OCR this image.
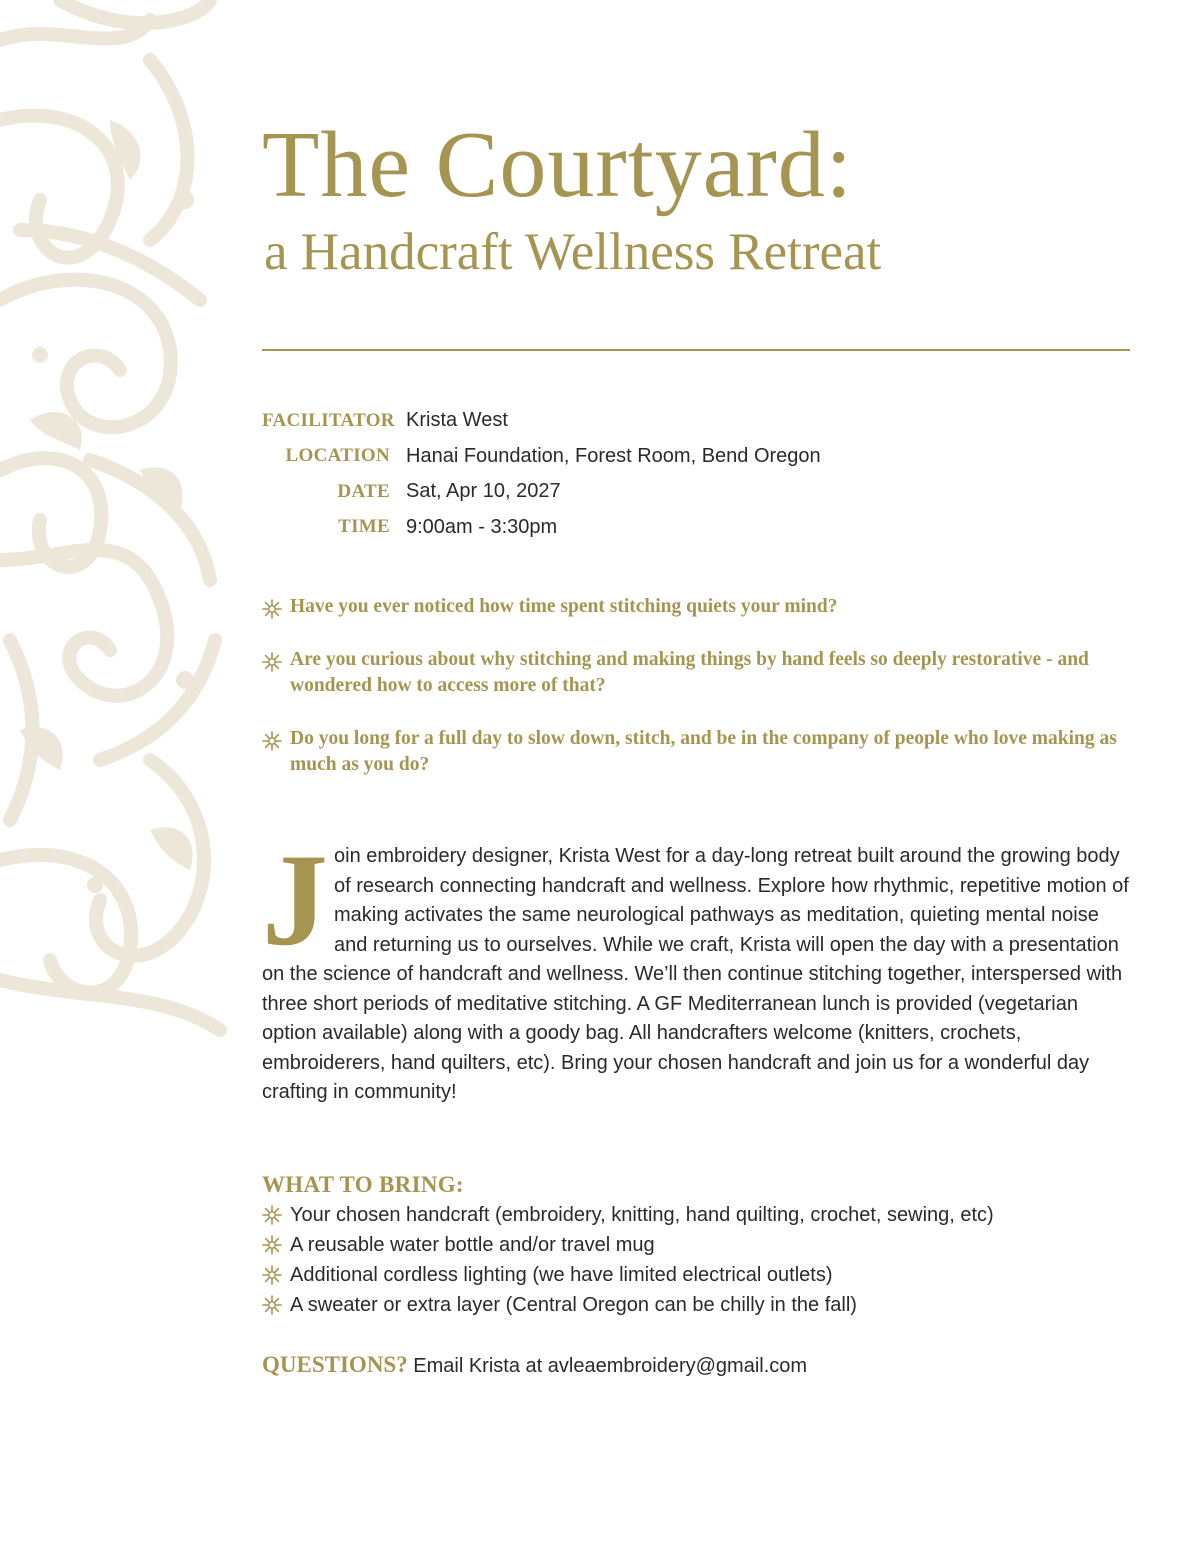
The Courtyard:
a Handcraft Wellness Retreat
FACILITATOR Krista West
LOCATION Hanai Foundation, Forest Room, Bend Oregon
DATE Sat, Apr 10, 2027
TIME 9:00am - 3:30pm
Have you ever noticed how time spent stitching quiets your mind?
Are you curious about why stitching and making things by hand feels so deeply restorative - and wondered how to access more of that?
Do you long for a full day to slow down, stitch, and be in the company of people who love making as much as you do?
Join embroidery designer, Krista West for a day-long retreat built around the growing body of research connecting handcraft and wellness. Explore how rhythmic, repetitive motion of making activates the same neurological pathways as meditation, quieting mental noise and returning us to ourselves. While we craft, Krista will open the day with a presentation on the science of handcraft and wellness. We’ll then continue stitching together, interspersed with three short periods of meditative stitching. A GF Mediterranean lunch is provided (vegetarian option available) along with a goody bag. All handcrafters welcome (knitters, crochets, embroiderers, hand quilters, etc). Bring your chosen handcraft and join us for a wonderful day crafting in community!
WHAT TO BRING:
Your chosen handcraft (embroidery, knitting, hand quilting, crochet, sewing, etc)
A reusable water bottle and/or travel mug
Additional cordless lighting (we have limited electrical outlets)
A sweater or extra layer (Central Oregon can be chilly in the fall)
QUESTIONS? Email Krista at avleaembroidery@gmail.com
